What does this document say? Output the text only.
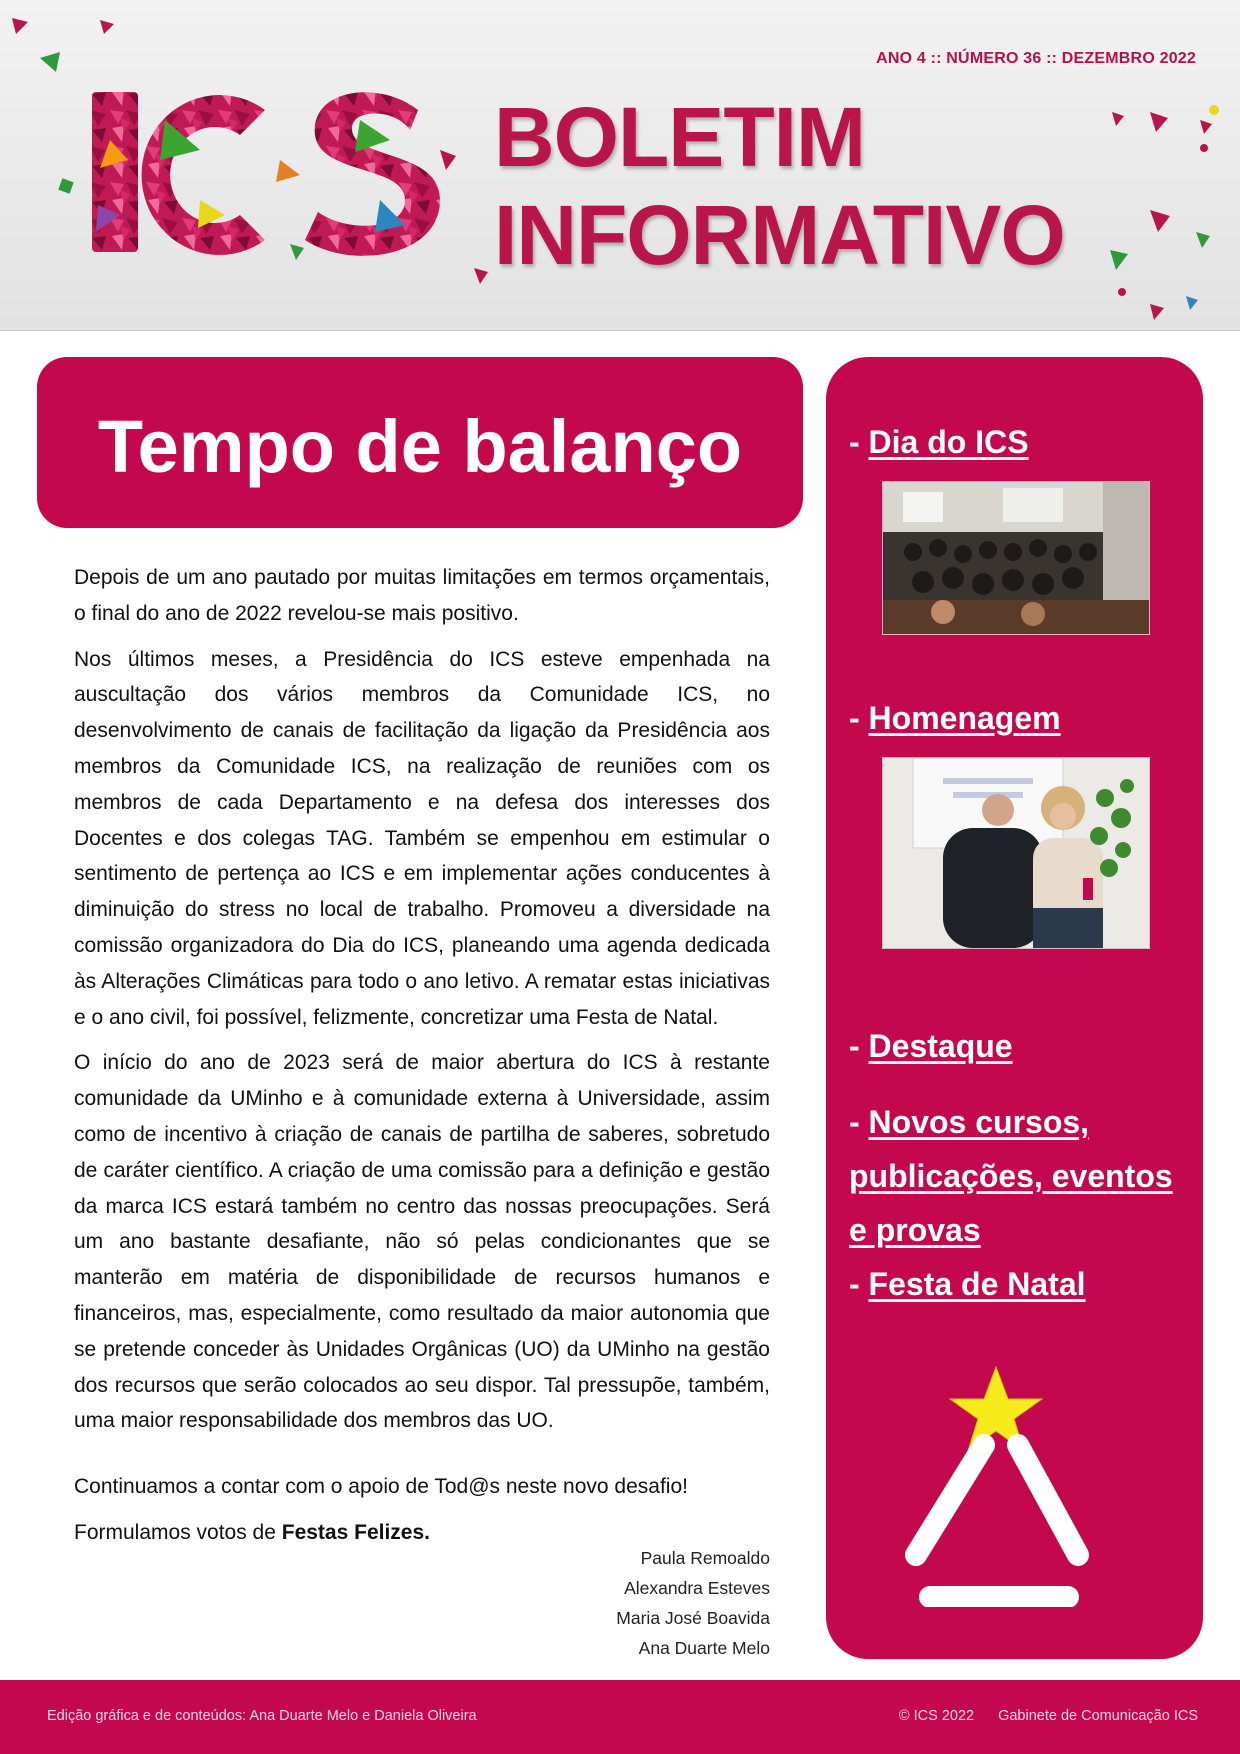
ANO 4 :: NÚMERO 36 :: DEZEMBRO 2022
BOLETIM
INFORMATIVO
Tempo de balanço

Depois de um ano pautado por muitas limitações em termos orçamentais, o final do ano de 2022 revelou-se mais positivo.

Nos últimos meses, a Presidência do ICS esteve empenhada na auscultação dos vários membros da Comunidade ICS, no desenvolvimento de canais de facilitação da ligação da Presidência aos membros da Comunidade ICS, na realização de reuniões com os membros de cada Departamento e na defesa dos interesses dos Docentes e dos colegas TAG. Também se empenhou em estimular o sentimento de pertença ao ICS e em implementar ações conducentes à diminuição do stress no local de trabalho. Promoveu a diversidade na comissão organizadora do Dia do ICS, planeando uma agenda dedicada às Alterações Climáticas para todo o ano letivo. A rematar estas iniciativas e o ano civil, foi possível, felizmente, concretizar uma Festa de Natal.

O início do ano de 2023 será de maior abertura do ICS à restante comunidade da UMinho e à comunidade externa à Universidade, assim como de incentivo à criação de canais de partilha de saberes, sobretudo de caráter científico. A criação de uma comissão para a definição e gestão da marca ICS estará também no centro das nossas preocupações. Será um ano bastante desafiante, não só pelas condicionantes que se manterão em matéria de disponibilidade de recursos humanos e financeiros, mas, especialmente, como resultado da maior autonomia que se pretende conceder às Unidades Orgânicas (UO) da UMinho na gestão dos recursos que serão colocados ao seu dispor. Tal pressupõe, também, uma maior responsabilidade dos membros das UO.

Continuamos a contar com o apoio de Tod@s neste novo desafio!

Formulamos votos de Festas Felizes.

Paula Remoaldo
Alexandra Esteves
Maria José Boavida
Ana Duarte Melo
- Dia do ICS
- Homenagem
- Destaque
- Novos cursos,
publicações, eventos
e provas
- Festa de Natal
Edição gráfica e de conteúdos: Ana Duarte Melo e Daniela Oliveira	© ICS 2022 Gabinete de Comunicação ICS
